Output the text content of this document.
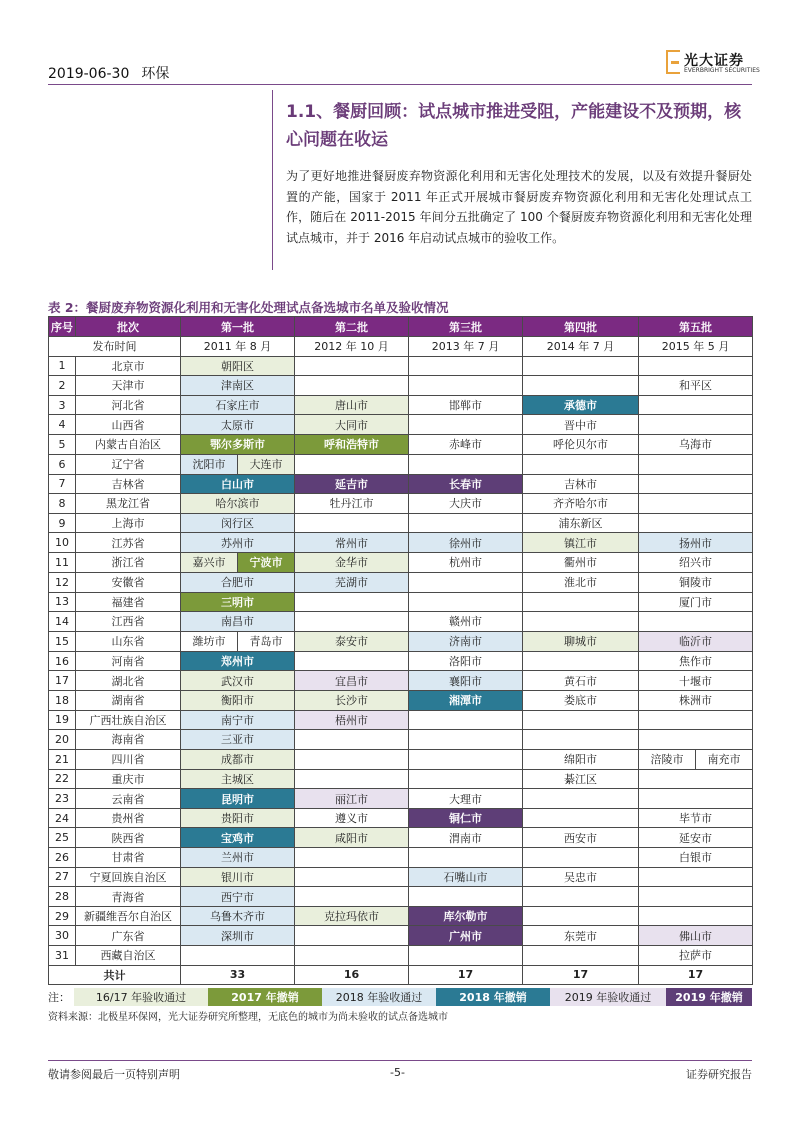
2019-06-30 环保
光大证券
EVERBRIGHT SECURITIES
1.1、餐厨回顾：试点城市推进受阻，产能建设不及预期，核心问题在收运
为了更好地推进餐厨废弃物资源化利用和无害化处理技术的发展，以及有效提升餐厨处置的产能，国家于 2011 年正式开展城市餐厨废弃物资源化利用和无害化处理试点工作，随后在 2011-2015 年间分五批确定了 100 个餐厨废弃物资源化利用和无害化处理试点城市，并于 2016 年启动试点城市的验收工作。
表 2：餐厨废弃物资源化利用和无害化处理试点备选城市名单及验收情况
序号	批次	第一批	第二批	第三批	第四批	第五批
发布时间		2011 年 8 月	2012 年 10 月	2013 年 7 月	2014 年 7 月	2015 年 5 月
1	北京市	朝阳区				
2	天津市	津南区				和平区
3	河北省	石家庄市	唐山市	邯郸市	承德市	
4	山西省	太原市	大同市		晋中市	
5	内蒙古自治区	鄂尔多斯市	呼和浩特市	赤峰市	呼伦贝尔市	乌海市
6	辽宁省	沈阳市 大连市				

7	吉林省	白山市	延吉市	长春市	吉林市	
8	黑龙江省	哈尔滨市	牡丹江市	大庆市	齐齐哈尔市	
9	上海市	闵行区			浦东新区	
10	江苏省	苏州市	常州市	徐州市	镇江市	扬州市
11	浙江省	嘉兴市 宁波市	金华市	杭州市	衢州市	绍兴市
12	安徽省	合肥市	芜湖市		淮北市	铜陵市
13	福建省	三明市				厦门市
14	江西省	南昌市		赣州市		
15	山东省	潍坊市 青岛市	泰安市	济南市	聊城市	临沂市
16	河南省	郑州市		洛阳市		焦作市
17	湖北省	武汉市	宜昌市	襄阳市	黄石市	十堰市
18	湖南省	衡阳市	长沙市	湘潭市	娄底市	株洲市
19	广西壮族自治区	南宁市	梧州市			
20	海南省	三亚市				
21	四川省	成都市			绵阳市	涪陵市 南充市

22	重庆市	主城区			綦江区	
23	云南省	昆明市	丽江市	大理市		
24	贵州省	贵阳市	遵义市	铜仁市		毕节市
25	陕西省	宝鸡市	咸阳市	渭南市	西安市	延安市
26	甘肃省	兰州市				白银市
27	宁夏回族自治区	银川市		石嘴山市	吴忠市	
28	青海省	西宁市				
29	新疆维吾尔自治区	乌鲁木齐市	克拉玛依市	库尔勒市		
30	广东省	深圳市		广州市	东莞市	佛山市
31	西藏自治区					拉萨市
共计		33	16	17	17	17
注：	16/17 年验收通过	2017 年撤销	2018 年验收通过	2018 年撤销	2019 年验收通过	2019 年撤销
资料来源：北极星环保网，光大证券研究所整理，无底色的城市为尚未验收的试点备选城市
敬请参阅最后一页特别声明	-5-	证券研究报告
